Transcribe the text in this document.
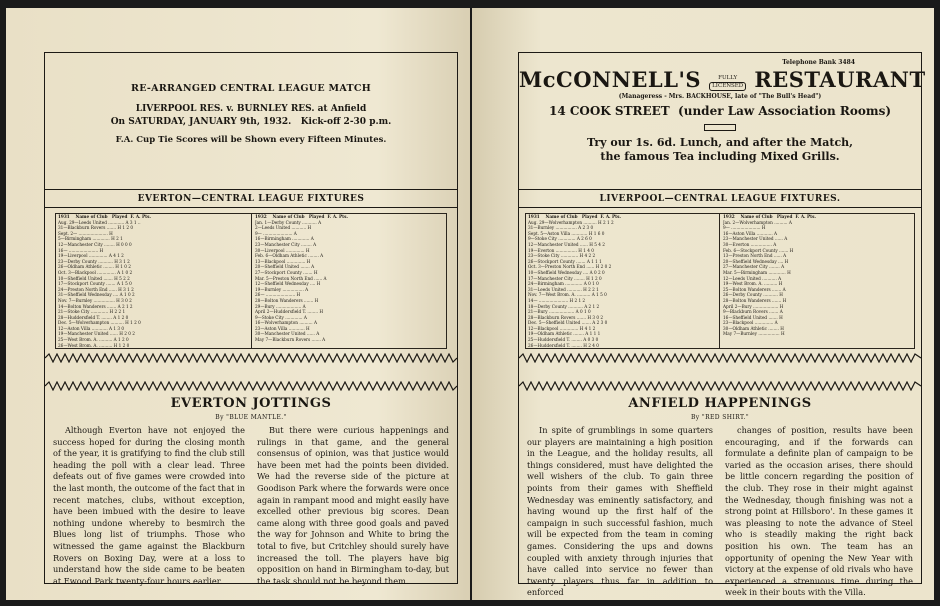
RE-ARRANGED CENTRAL LEAGUE MATCH
LIVERPOOL RES. v. BURNLEY RES. at Anfield
On SATURDAY, JANUARY 9th, 1932.   Kick-off 2-30 p.m.
F.A. Cup Tie Scores will be Shown every Fifteen Minutes.
EVERTON—CENTRAL LEAGUE FIXTURES
1931 Name of Club Played F. A. Pts.
Aug. 29—Leeds United ............ A 3 1 ..
31—Blackburn Rovers ....... H 1 2 0
Sept. 2— ...................... H
5—Birmingham ............. H 2 1
12—Manchester City ........ H 0 0 0
16— ...................... H
19—Liverpool .............. A 4 1 2
23—Derby County ........... H 3 1 2
26—Oldham Athletic ........ H 1 0 2
Oct. 3—Blackpool .............. A 1 0 2
10—Sheffield United ....... H 5 2 2
17—Stockport County ....... A 1 5 0
24—Preston North End ...... H 3 1 2
31—Sheffield Wednesday .... A 1 0 2
Nov. 7—Burnley ................ H 3 0 2
14—Bolton Wanderers ....... A 2 1 2
21—Stoke City ............. H 2 2 1
28—Huddersfield T. ........ A 1 2 0
Dec. 5—Wolverhampton .......... H 1 2 0
12—Aston Villa ............ A 1 3 0
19—Manchester United ...... H 2 0 2
25—West Brom. A. .......... A 1 2 0
26—West Brom. A. .......... H 1 2 0
1932 Name of Club Played F. A. Pts.
Jan. 1—Derby County ........... A
2—Leeds United ........... H
9— ...................... A
16—Birmingham ............. A
23—Manchester City ........ A
30—Liverpool .............. H
Feb. 6—Oldham Athletic ........ A
13—Blackpool .............. H
20—Sheffield United ....... A
27—Stockport County ....... H
Mar. 5—Preston North End ...... A
12—Sheffield Wednesday .... H
19—Burnley ................ A
26— ...................... H
28—Bolton Wanderers ....... H
29—Bury ................... A
April 2—Huddersfield T. ........ H
9—Stoke City ............. A
16—Wolverhampton .......... A
23—Aston Villa ............ H
30—Manchester United ...... A
May 7—Blackburn Rovers ....... A
EVERTON JOTTINGS
By "BLUE MANTLE."

Although Everton have not enjoyed the success hoped for during the closing month of the year, it is gratifying to find the club still heading the poll with a clear lead. Three defeats out of five games were crowded into the last month, the outcome of the fact that in recent matches, clubs, without exception, have been imbued with the desire to leave nothing undone whereby to besmirch the Blues long list of triumphs. Those who witnessed the game against the Blackburn Rovers on Boxing Day, were at a loss to understand how the side came to be beaten at Ewood Park twenty-four hours earlier.

But there were curious happenings and rulings in that game, and the general consensus of opinion, was that justice would have been met had the points been divided. We had the reverse side of the picture at Goodison Park where the forwards were once again in rampant mood and might easily have excelled other previous big scores. Dean came along with three good goals and paved the way for Johnson and White to bring the total to five, but Critchley should surely have increased the toll. The players have big opposition on hand in Birmingham to-day, but the task should not be beyond them.

Telephone Bank 3484
McCONNELL'S	FULLY
LICENSED RESTAURANT
(Manageress - Mrs. BACKHOUSE, late of "The Bull's Head")
14 COOK STREET  (under Law Association Rooms)
Try our 1s. 6d. Lunch, and after the Match,
the famous Tea including Mixed Grills.
LIVERPOOL—CENTRAL LEAGUE FIXTURES.
1931 Name of Club Played F. A. Pts.
Aug. 29—Wolverhampton .......... H 2 1 2
31—Burnley ................ A 2 3 0
Sept. 5—Aston Villa ............ H 1 6 0
9—Stoke City ............. A 2 6 0
12—Manchester United ...... H 5 4 2
19—Everton ................ H 1 4 0
23—Stoke City ............. H 4 2 2
26—Stockport County ....... A 1 1 1
Oct. 3—Preston North End ...... H 2 0 2
10—Sheffield Wednesday .... A 0 2 0
17—Manchester City ........ H 1 2 0
24—Birmingham ............. A 0 1 0
31—Leeds United ........... H 2 2 1
Nov. 7—West Brom. A. .......... A 1 5 0
14— ...................... H 2 1 2
18—Derby County ........... A 2 1 2
21—Bury ................... A 0 1 0
28—Blackburn Rovers ....... H 3 0 2
Dec. 5—Sheffield United ....... A 2 3 0
12—Blackpool .............. H 4 1 2
19—Oldham Athletic ........ A 1 1 1
25—Huddersfield T. ........ A 0 3 0
26—Huddersfield T. ........ H 2 4 0
1932 Name of Club Played F. A. Pts.
Jan. 2—Wolverhampton .......... A
9— ...................... H
16—Aston Villa ............ A
23—Manchester United ...... A
30—Everton ................ A
Feb. 6—Stockport County ....... H
13—Preston North End ...... A
20—Sheffield Wednesday .... H
27—Manchester City ........ A
Mar. 5—Birmingham ............. H
12—Leeds United ........... A
19—West Brom. A. .......... H
25—Bolton Wanderers ....... A
26—Derby County ........... H
28—Bolton Wanderers ....... H
April 2—Bury ................... H
9—Blackburn Rovers ....... A
16—Sheffield United ....... H
23—Blackpool .............. A
30—Oldham Athletic ........ H
May 7—Burnley ................ H
ANFIELD HAPPENINGS
By "RED SHIRT."

In spite of grumblings in some quarters our players are maintaining a high position in the League, and the holiday results, all things considered, must have delighted the well wishers of the club. To gain three points from their games with Sheffield Wednesday was eminently satisfactory, and having wound up the first half of the campaign in such successful fashion, much will be expected from the team in coming games. Considering the ups and downs coupled with anxiety through injuries that have called into service no fewer than twenty players thus far in addition to enforced

changes of position, results have been encouraging, and if the forwards can formulate a definite plan of campaign to be varied as the occasion arises, there should be little concern regarding the position of the club. They rose in their might against the Wednesday, though finishing was not a strong point at Hillsboro'. In these games it was pleasing to note the advance of Steel who is steadily making the right back position his own. The team has an opportunity of opening the New Year with victory at the expense of old rivals who have experienced a strenuous time during the week in their bouts with the Villa.
